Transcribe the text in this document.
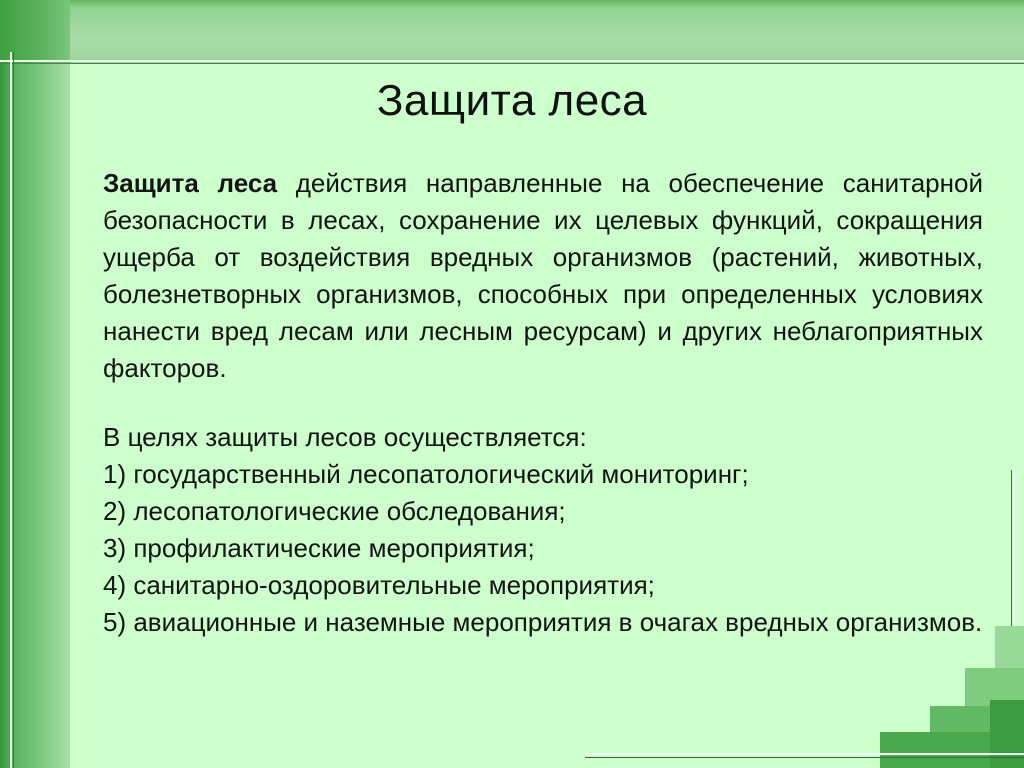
Защита леса

Защита леса действия направленные на обеспечение санитарной безопасности в лесах, сохранение их целевых функций, сокращения ущерба от воздействия вредных организмов (растений, животных, болезнетворных организмов, способных при определенных условиях нанести вред лесам или лесным ресурсам) и других неблагоприятных факторов.

В целях защиты лесов осуществляется:

1) государственный лесопатологический мониторинг;

2) лесопатологические обследования;

3) профилактические мероприятия;

4) санитарно-оздоровительные мероприятия;

5) авиационные и наземные мероприятия в очагах вредных организмов.
